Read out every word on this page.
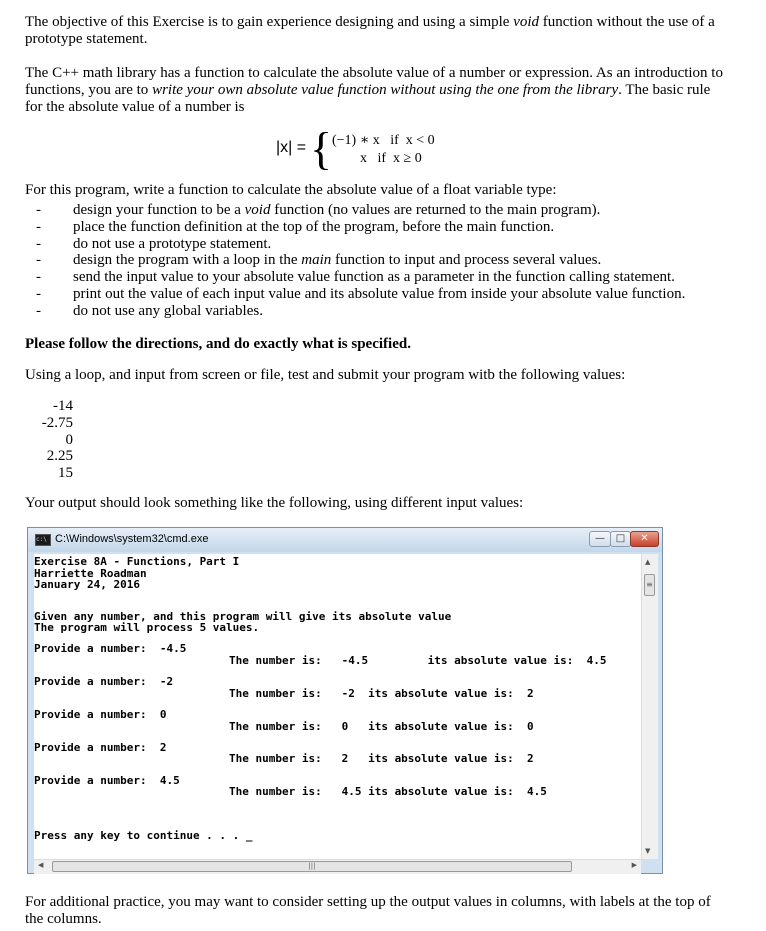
The objective of this Exercise is to gain experience designing and using a simple void function without the use of a prototype statement.

The C++ math library has a function to calculate the absolute value of a number or expression. As an introduction to functions, you are to write your own absolute value function without using the one from the library. The basic rule for the absolute value of a number is

|x| = { (−1) ∗ x   if  x < 0
x   if  x ≥ 0

For this program, write a function to calculate the absolute value of a float variable type:

- design your function to be a void function (no values are returned to the main program).
- place the function definition at the top of the program, before the main function.
- do not use a prototype statement.
- design the program with a loop in the main function to input and process several values.
- send the input value to your absolute value function as a parameter in the function calling statement.
- print out the value of each input value and its absolute value from inside your absolute value function.
- do not use any global variables.

Please follow the directions, and do exactly what is specified.

Using a loop, and input from screen or file, test and submit your program witb the following values:

-14
-2.75
0
2.25
15

Your output should look something like the following, using different input values:

c:\ C:\Windows\system32\cmd.exe	—	□	✕
Exercise 8A - Functions, Part I
Harriette Roadman
January 24, 2016
Given any number, and this program will give its absolute value
The program will process 5 values.
Provide a number:  -4.5
The number is:   -4.5         its absolute value is:  4.5
Provide a number:  -2
The number is:   -2  its absolute value is:  2
Provide a number:  0
The number is:   0   its absolute value is:  0
Provide a number:  2
The number is:   2   its absolute value is:  2
Provide a number:  4.5
The number is:   4.5 its absolute value is:  4.5
Press any key to continue . . . _
▲
≡
▼
◀	|||	▶

For additional practice, you may want to consider setting up the output values in columns, with labels at the top of the columns.
